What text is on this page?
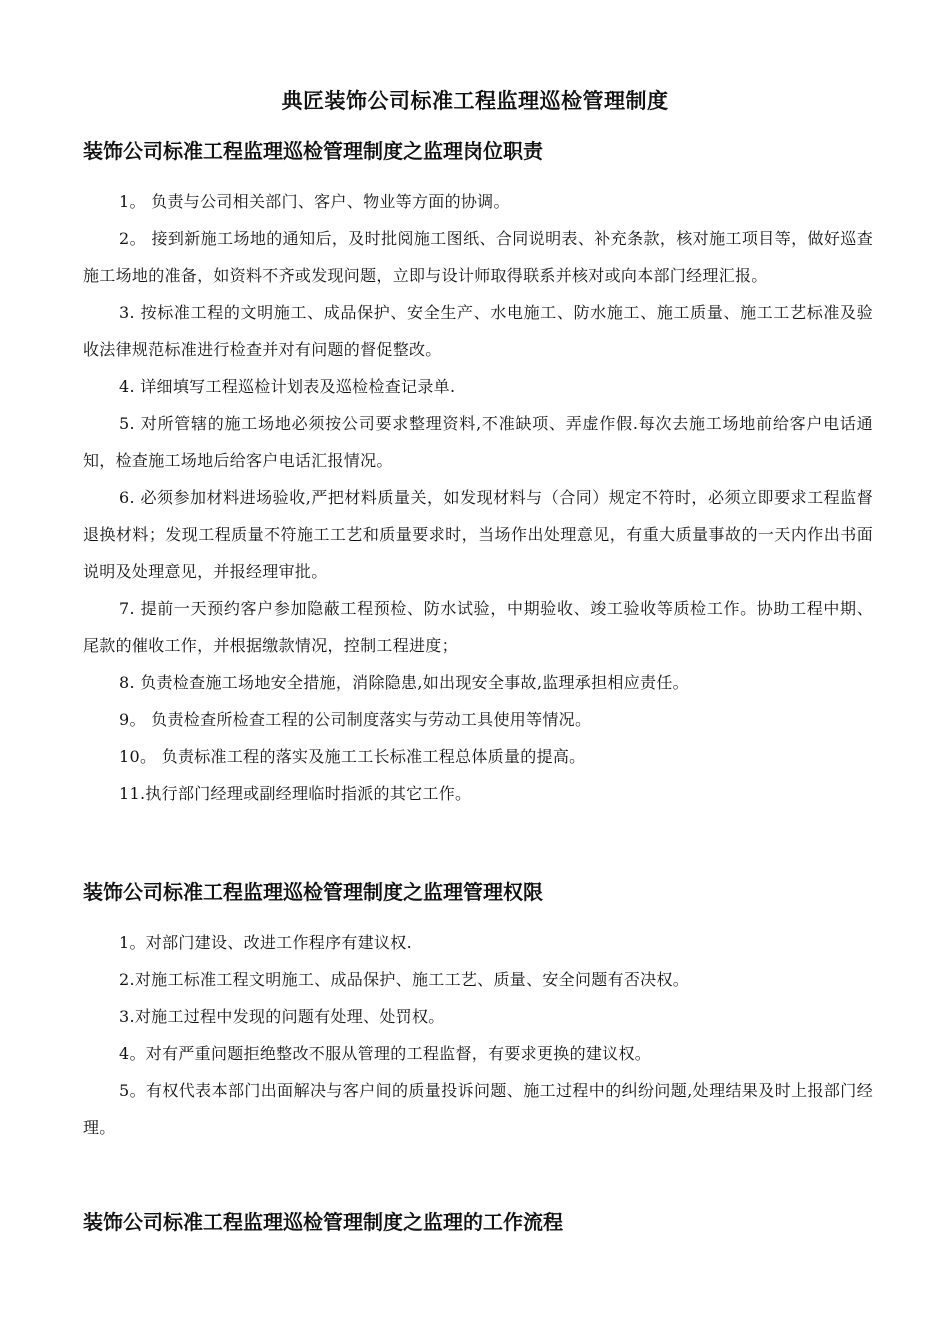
典匠装饰公司标准工程监理巡检管理制度
装饰公司标准工程监理巡检管理制度之监理岗位职责

1。 负责与公司相关部门、客户、物业等方面的协调。

2。 接到新施工场地的通知后，及时批阅施工图纸、合同说明表、补充条款，核对施工项目等，做好巡查施工场地的准备，如资料不齐或发现问题，立即与设计师取得联系并核对或向本部门经理汇报。

3. 按标准工程的文明施工、成品保护、安全生产、水电施工、防水施工、施工质量、施工工艺标准及验收法律规范标准进行检查并对有问题的督促整改。

4. 详细填写工程巡检计划表及巡检检查记录单.

5. 对所管辖的施工场地必须按公司要求整理资料,不准缺项、弄虚作假.每次去施工场地前给客户电话通知，检查施工场地后给客户电话汇报情况。

6. 必须参加材料进场验收,严把材料质量关，如发现材料与（合同）规定不符时，必须立即要求工程监督退换材料；发现工程质量不符施工工艺和质量要求时，当场作出处理意见，有重大质量事故的一天内作出书面说明及处理意见，并报经理审批。

7. 提前一天预约客户参加隐蔽工程预检、防水试验，中期验收、竣工验收等质检工作。协助工程中期、尾款的催收工作，并根据缴款情况，控制工程进度；

8. 负责检查施工场地安全措施，消除隐患,如出现安全事故,监理承担相应责任。

9。 负责检查所检查工程的公司制度落实与劳动工具使用等情况。

10。 负责标准工程的落实及施工工长标准工程总体质量的提高。

11.执行部门经理或副经理临时指派的其它工作。

装饰公司标准工程监理巡检管理制度之监理管理权限

1。对部门建设、改进工作程序有建议权.

2.对施工标准工程文明施工、成品保护、施工工艺、质量、安全问题有否决权。

3.对施工过程中发现的问题有处理、处罚权。

4。对有严重问题拒绝整改不服从管理的工程监督，有要求更换的建议权。

5。有权代表本部门出面解决与客户间的质量投诉问题、施工过程中的纠纷问题,处理结果及时上报部门经理。

装饰公司标准工程监理巡检管理制度之监理的工作流程
